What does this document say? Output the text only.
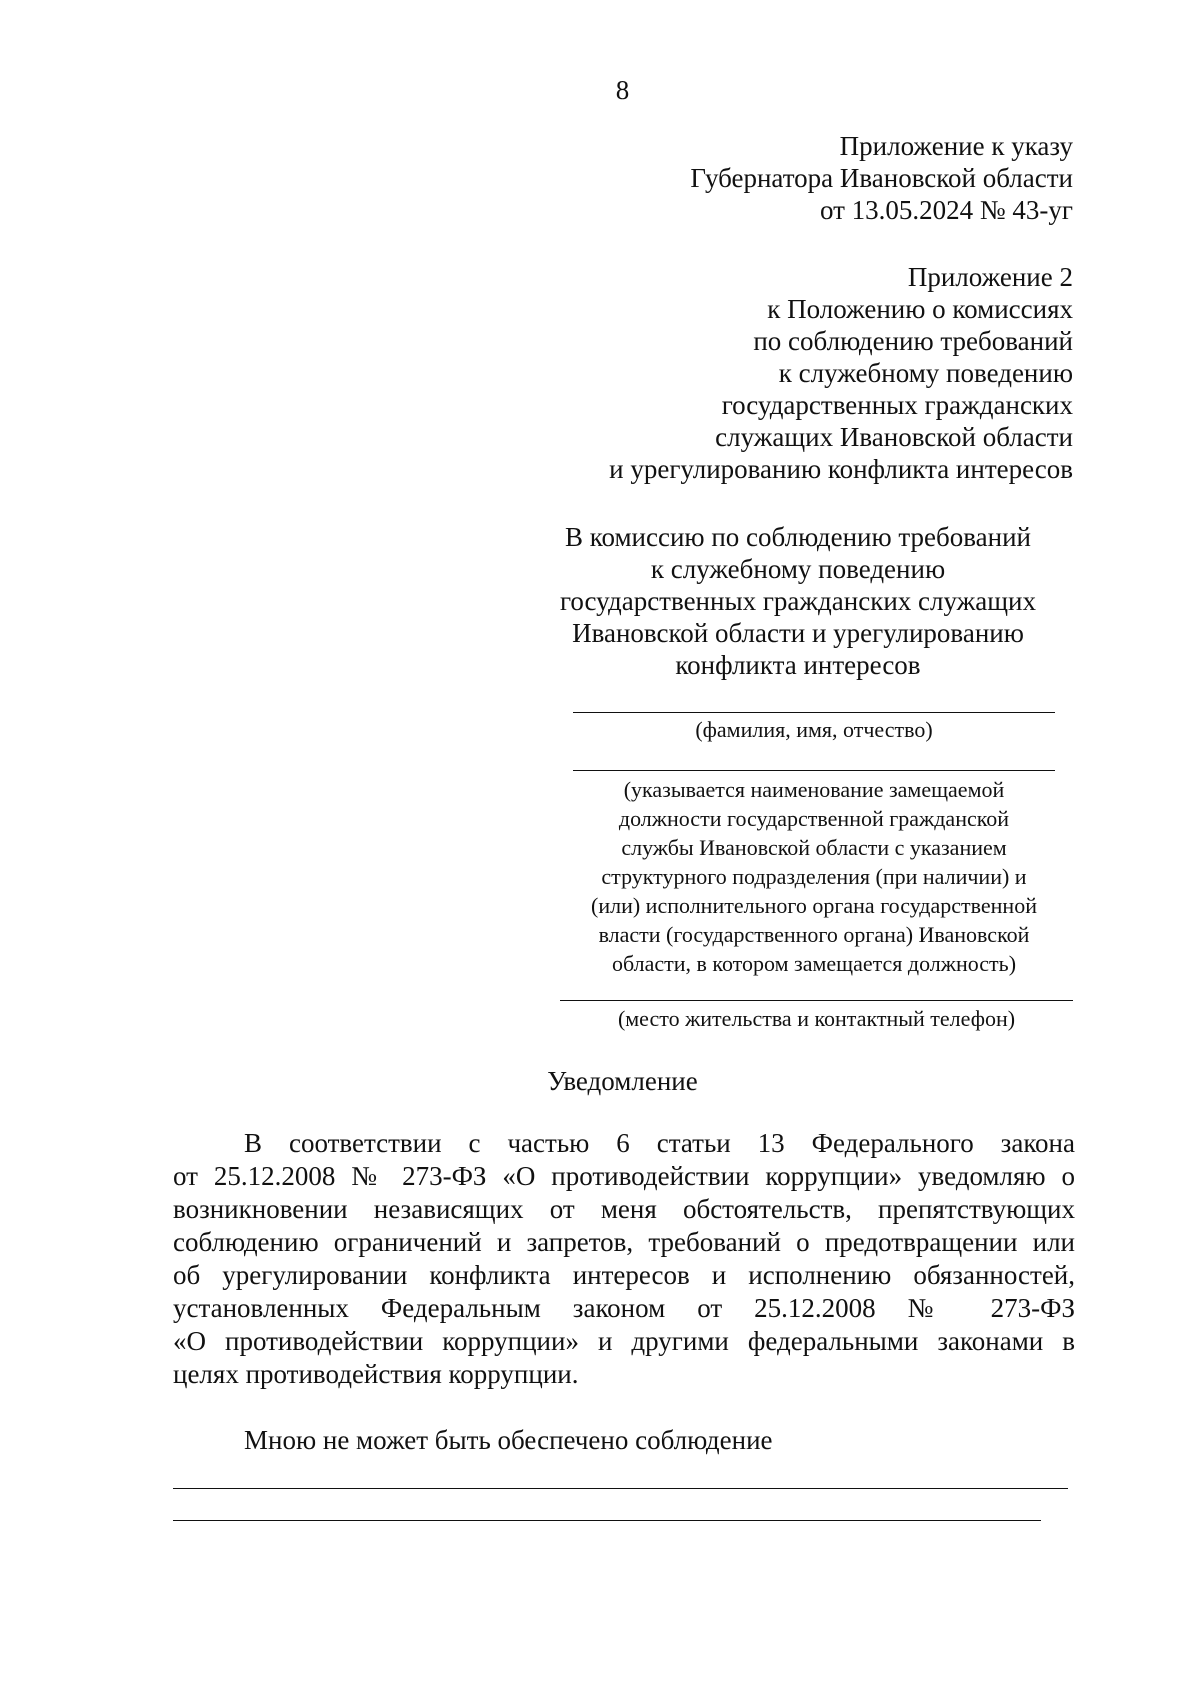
8
Приложение к указу
Губернатора Ивановской области
от 13.05.2024 № 43-уг
Приложение 2
к Положению о комиссиях
по соблюдению требований
к служебному поведению
государственных гражданских
служащих Ивановской области
и урегулированию конфликта интересов
В комиссию по соблюдению требований
к служебному поведению
государственных гражданских служащих
Ивановской области и урегулированию
конфликта интересов
(фамилия, имя, отчество)
(указывается наименование замещаемой
должности государственной гражданской
службы Ивановской области с указанием
структурного подразделения (при наличии) и
(или) исполнительного органа государственной
власти (государственного органа) Ивановской
области, в котором замещается должность)
(место жительства и контактный телефон)
Уведомление
В соответствии с частью 6 статьи 13 Федерального закона
от 25.12.2008 № 273-ФЗ «О противодействии коррупции» уведомляю о
возникновении независящих от меня обстоятельств, препятствующих
соблюдению ограничений и запретов, требований о предотвращении или
об урегулировании конфликта интересов и исполнению обязанностей,
установленных Федеральным законом от 25.12.2008 № 273-ФЗ
«О противодействии коррупции» и другими федеральными законами в
целях противодействия коррупции.
Мною не может быть обеспечено соблюдение
